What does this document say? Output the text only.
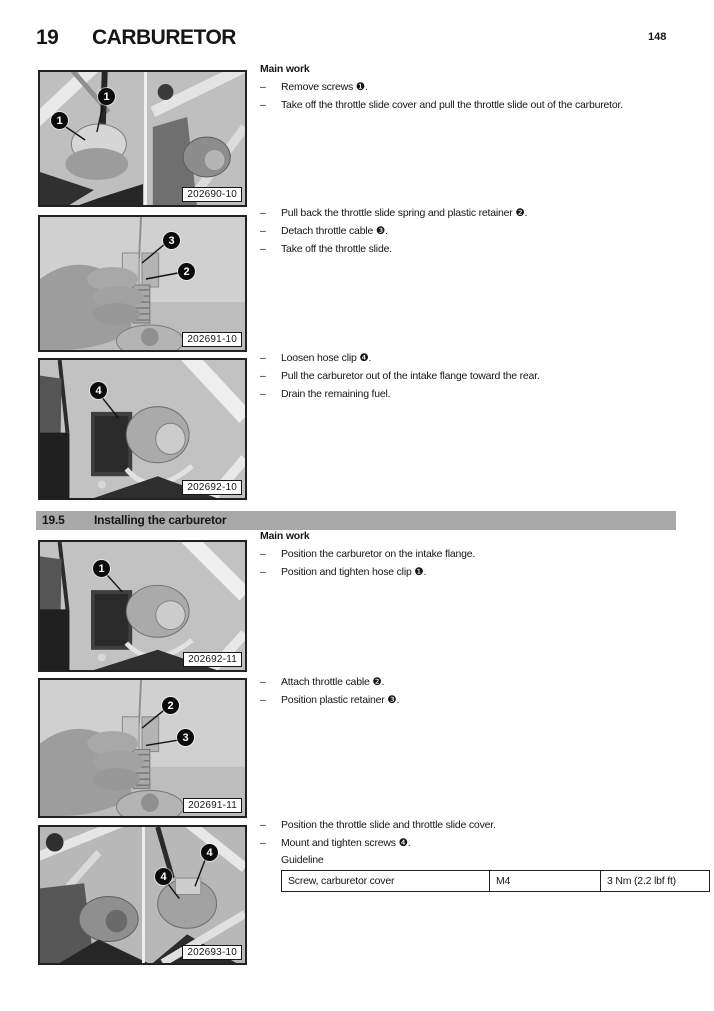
19 CARBURETOR	148
1
1
202690-10
3
2
202691-10
4
202692-10
19.5 Installing the carburetor
1
202692-11
2
3
202691-11
4
4
202693-10
Main work
–	Remove screws ❶.
–	Take off the throttle slide cover and pull the throttle slide out of the carburetor.
–	Pull back the throttle slide spring and plastic retainer ❷.
–	Detach throttle cable ❸.
–	Take off the throttle slide.
–	Loosen hose clip ❹.
–	Pull the carburetor out of the intake flange toward the rear.
–	Drain the remaining fuel.
Main work
–	Position the carburetor on the intake flange.
–	Position and tighten hose clip ❶.
–	Attach throttle cable ❷.
–	Position plastic retainer ❸.
–	Position the throttle slide and throttle slide cover.
–	Mount and tighten screws ❹.
Guideline
Screw, carburetor cover	M4	3 Nm (2.2 lbf ft)
